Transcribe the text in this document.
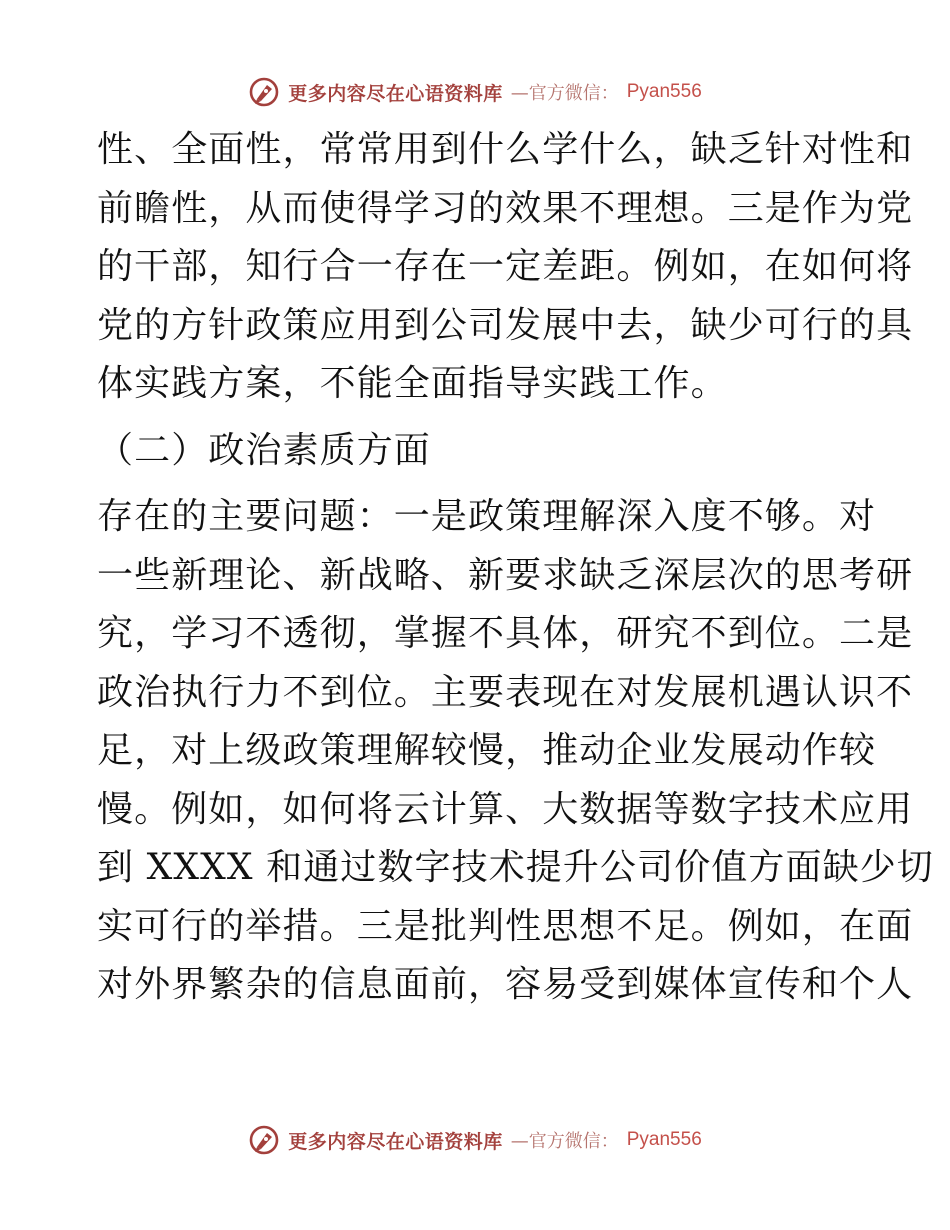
更多内容尽在心语资料库 —官方微信： Pyan556
性、全面性，常常用到什么学什么，缺乏针对性和
前瞻性，从而使得学习的效果不理想。三是作为党
的干部，知行合一存在一定差距。例如，在如何将
党的方针政策应用到公司发展中去，缺少可行的具
体实践方案，不能全面指导实践工作。
（二）政治素质方面
存在的主要问题：一是政策理解深入度不够。对
一些新理论、新战略、新要求缺乏深层次的思考研
究，学习不透彻，掌握不具体，研究不到位。二是
政治执行力不到位。主要表现在对发展机遇认识不
足，对上级政策理解较慢，推动企业发展动作较
慢。例如，如何将云计算、大数据等数字技术应用
到 XXXX 和通过数字技术提升公司价值方面缺少切
实可行的举措。三是批判性思想不足。例如，在面
对外界繁杂的信息面前，容易受到媒体宣传和个人
更多内容尽在心语资料库 —官方微信： Pyan556
